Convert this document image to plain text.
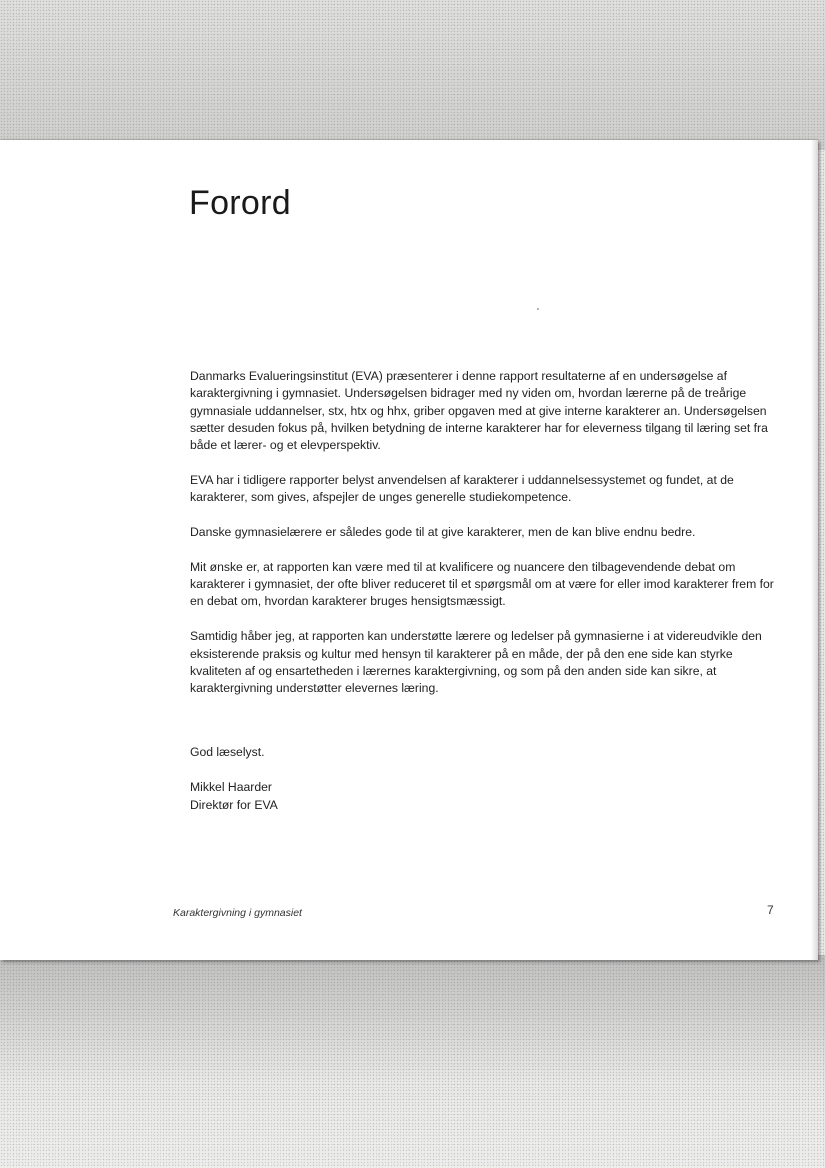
Forord

Danmarks Evalueringsinstitut (EVA) præsenterer i denne rapport resultaterne af en undersøgelse af karaktergivning i gymnasiet. Undersøgelsen bidrager med ny viden om, hvordan lærerne på de treårige gymnasiale uddannelser, stx, htx og hhx, griber opgaven med at give interne karakterer an. Undersøgelsen sætter desuden fokus på, hvilken betydning de interne karakterer har for eleverness tilgang til læring set fra både et lærer- og et elevperspektiv.

EVA har i tidligere rapporter belyst anvendelsen af karakterer i uddannelsessystemet og fundet, at de karakterer, som gives, afspejler de unges generelle studiekompetence.

Danske gymnasielærere er således gode til at give karakterer, men de kan blive endnu bedre.

Mit ønske er, at rapporten kan være med til at kvalificere og nuancere den tilbagevendende debat om karakterer i gymnasiet, der ofte bliver reduceret til et spørgsmål om at være for eller imod karakterer frem for en debat om, hvordan karakterer bruges hensigtsmæssigt.

Samtidig håber jeg, at rapporten kan understøtte lærere og ledelser på gymnasierne i at videreudvikle den eksisterende praksis og kultur med hensyn til karakterer på en måde, der på den ene side kan styrke kvaliteten af og ensartetheden i lærernes karaktergivning, og som på den anden side kan sikre, at karaktergivning understøtter elevernes læring.

God læselyst.
Mikkel Haarder
Direktør for EVA
Karaktergivning i gymnasiet	7
